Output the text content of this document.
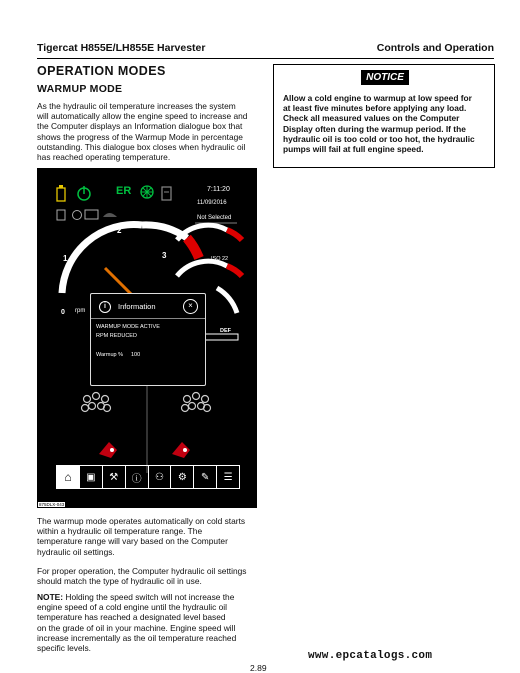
Tigercat H855E/LH855E Harvester	Controls and Operation
OPERATION MODES
WARMUP MODE
As the hydraulic oil temperature increases the system
will automatically allow the engine speed to increase and
the Computer displays an Information dialogue box that
shows the progress of the Warmup Mode in percentage
outstanding. This dialogue box closes when hydraulic oil
has reached operating temperature.
NOTICE
Allow a cold engine to warmup at low speed for
at least five minutes before applying any load.
Check all measured values on the Computer
Display often during the warmup period. If the
hydraulic oil is too cold or too hot, the hydraulic
pumps will fail at full engine speed.
ER	7:11:20
11/09/2016
Not Selected
1
2
3
0 rpm
ISO 22
DEF
i	Information	×
WARMUP MODE ACTIVE
RPM REDUCED
Warmup % 100
⌂ ▣ ⚒ ⓘ ⚇ ⚙ ✎ ☰
875DLX-043
The warmup mode operates automatically on cold starts
within a hydraulic oil temperature range. The
temperature range will vary based on the Computer
hydraulic oil settings.
For proper operation, the Computer hydraulic oil settings
should match the type of hydraulic oil in use.
NOTE: Holding the speed switch will not increase the
engine speed of a cold engine until the hydraulic oil
temperature has reached a designated level based
on the grade of oil in your machine. Engine speed will
increase incrementally as the oil temperature reached
specific levels.
www.epcatalogs.com
2.89
